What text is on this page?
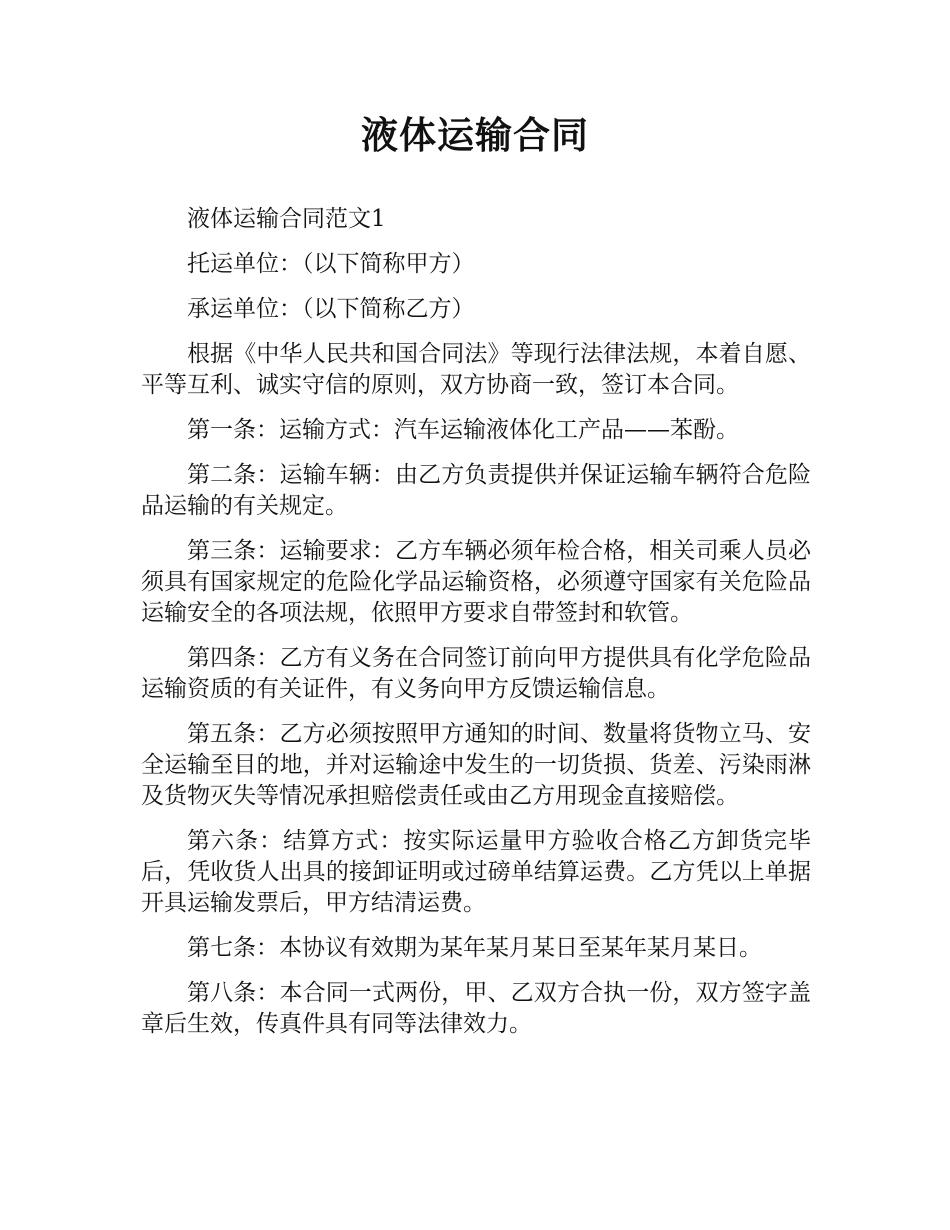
液体运输合同

液体运输合同范文1

托运单位：（以下简称甲方）

承运单位：（以下简称乙方）

根据《中华人民共和国合同法》等现行法律法规，本着自愿、平等互利、诚实守信的原则，双方协商一致，签订本合同。

第一条：运输方式：汽车运输液体化工产品——苯酚。

第二条：运输车辆：由乙方负责提供并保证运输车辆符合危险品运输的有关规定。

第三条：运输要求：乙方车辆必须年检合格，相关司乘人员必须具有国家规定的危险化学品运输资格，必须遵守国家有关危险品运输安全的各项法规，依照甲方要求自带签封和软管。

第四条：乙方有义务在合同签订前向甲方提供具有化学危险品运输资质的有关证件，有义务向甲方反馈运输信息。

第五条：乙方必须按照甲方通知的时间、数量将货物立马、安全运输至目的地，并对运输途中发生的一切货损、货差、污染雨淋及货物灭失等情况承担赔偿责任或由乙方用现金直接赔偿。

第六条：结算方式：按实际运量甲方验收合格乙方卸货完毕后，凭收货人出具的接卸证明或过磅单结算运费。乙方凭以上单据开具运输发票后，甲方结清运费。

第七条：本协议有效期为某年某月某日至某年某月某日。

第八条：本合同一式两份，甲、乙双方合执一份，双方签字盖章后生效，传真件具有同等法律效力。
